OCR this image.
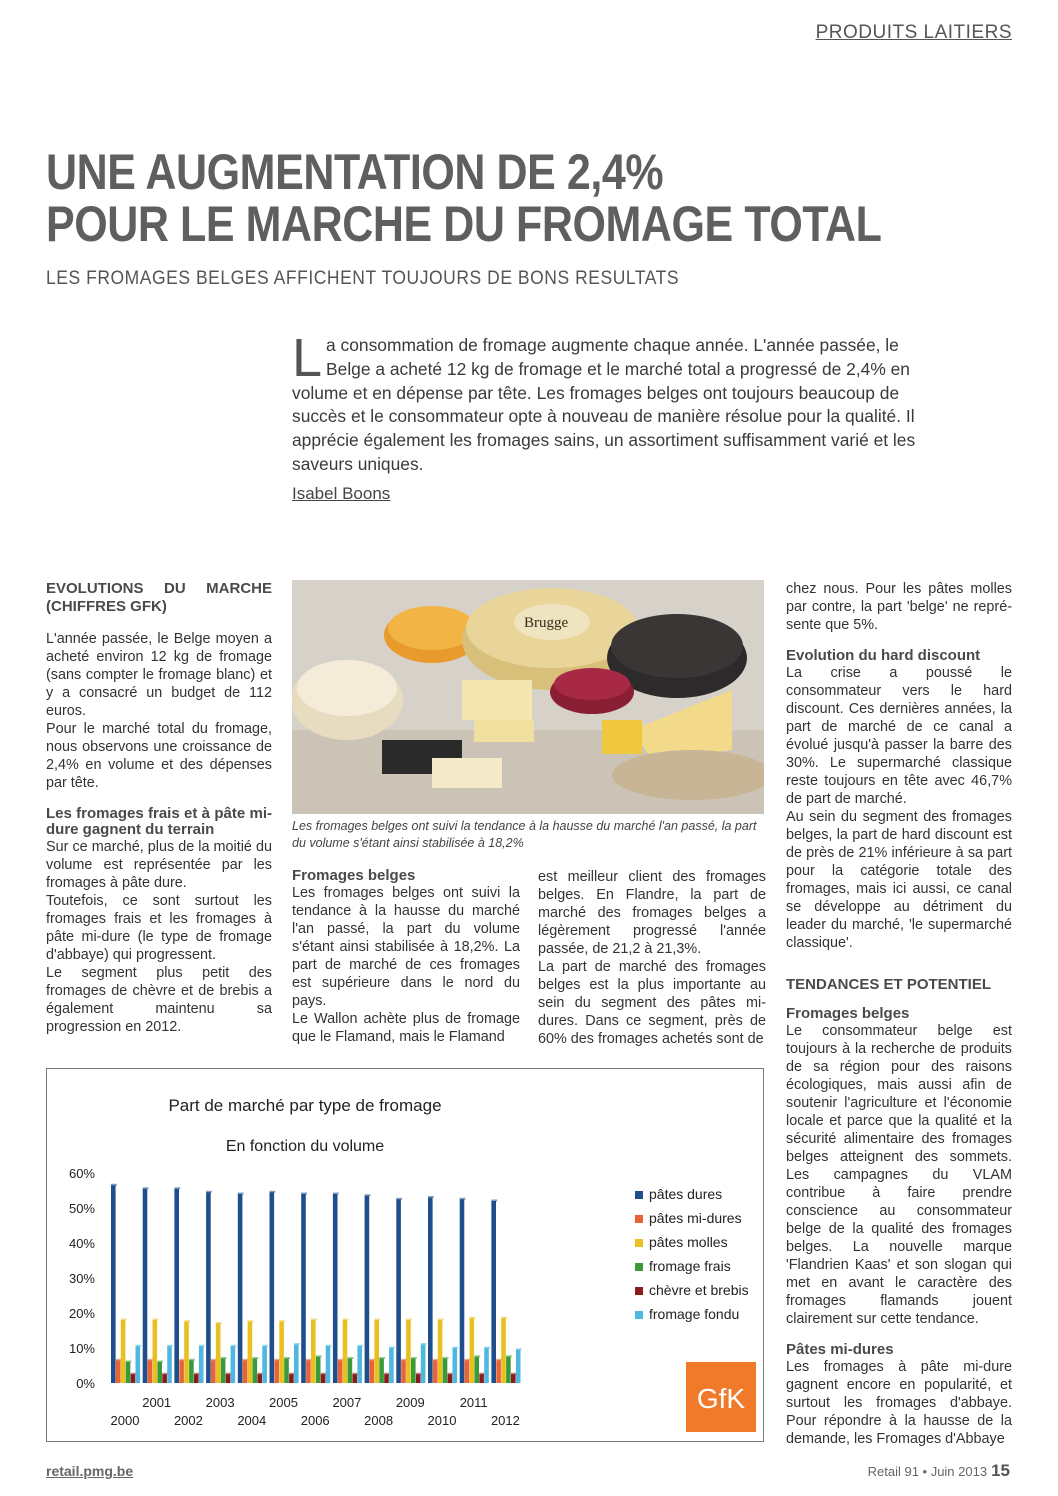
PRODUITS LAITIERS
UNE AUGMENTATION DE 2,4%
POUR LE MARCHE DU FROMAGE TOTAL
LES FROMAGES BELGES AFFICHENT TOUJOURS DE BONS RESULTATS
La consommation de fromage augmente chaque année. L'année passée, le Belge a acheté 12 kg de fromage et le marché total a progressé de 2,4% en volume et en dépense par tête. Les fromages belges ont toujours beaucoup de succès et le consommateur opte à nouveau de manière résolue pour la qualité. Il apprécie également les fromages sains, un assortiment suffisamment varié et les saveurs uniques.
Isabel Boons

EVOLUTIONS DU MARCHE (CHIFFRES GFK)

L'année passée, le Belge moyen a acheté environ 12 kg de fromage (sans compter le fromage blanc) et y a consacré un budget de 112 euros.

Pour le marché total du fromage, nous observons une croissance de 2,4% en volume et des dépenses par tête.

Les fromages frais et à pâte mi-dure gagnent du terrain

Sur ce marché, plus de la moitié du volume est représentée par les fromages à pâte dure.

Toutefois, ce sont surtout les fromages frais et les fromages à pâte mi-dure (le type de fromage d'abbaye) qui progressent.

Le segment plus petit des fromages de chèvre et de brebis a également maintenu sa progression en 2012.

Brugge
Les fromages belges ont suivi la tendance à la hausse du marché l'an passé, la part du volume s'étant ainsi stabilisée à 18,2%

Fromages belges

Les fromages belges ont suivi la tendance à la hausse du marché l'an passé, la part du volume s'étant ainsi stabilisée à 18,2%. La part de marché de ces fromages est supérieure dans le nord du pays.

Le Wallon achète plus de fromage que le Flamand, mais le Flamand

est meilleur client des fromages belges. En Flandre, la part de marché des fromages belges a légèrement progressé l'année passée, de 21,2 à 21,3%.

La part de marché des fromages belges est la plus importante au sein du segment des pâtes mi-dures. Dans ce segment, près de 60% des fromages achetés sont de

chez nous. Pour les pâtes molles par contre, la part 'belge' ne représente que 5%.

Evolution du hard discount

La crise a poussé le consommateur vers le hard discount. Ces dernières années, la part de marché de ce canal a évolué jusqu'à passer la barre des 30%. Le supermarché classique reste toujours en tête avec 46,7% de part de marché.

Au sein du segment des fromages belges, la part de hard discount est de près de 21% inférieure à sa part pour la catégorie totale des fromages, mais ici aussi, ce canal se développe au détriment du leader du marché, 'le supermarché classique'.

TENDANCES ET POTENTIEL

Fromages belges

Le consommateur belge est toujours à la recherche de produits de sa région pour des raisons écologiques, mais aussi afin de soutenir l'agriculture et l'économie locale et parce que la qualité et la sécurité alimentaire des fromages belges atteignent des sommets. Les campagnes du VLAM contribue à faire prendre conscience au consommateur belge de la qualité des fromages belges. La nouvelle marque 'Flandrien Kaas' et son slogan qui met en avant le caractère des fromages flamands jouent clairement sur cette tendance.

Pâtes mi-dures

Les fromages à pâte mi-dure gagnent encore en popularité, et surtout les fromages d'abbaye. Pour répondre à la hausse de la demande, les Fromages d'Abbaye

Part de marché par type de fromage
En fonction du volume
0%
10%
20%
30%
40%
50%
60%
2000
2001
2002
2003
2004
2005
2006
2007
2008
2009
2010
2011
2012
pâtes dures
pâtes mi-dures
pâtes molles
fromage frais
chèvre et brebis
fromage fondu
GfK
retail.pmg.be	Retail 91 • Juin 2013 15
